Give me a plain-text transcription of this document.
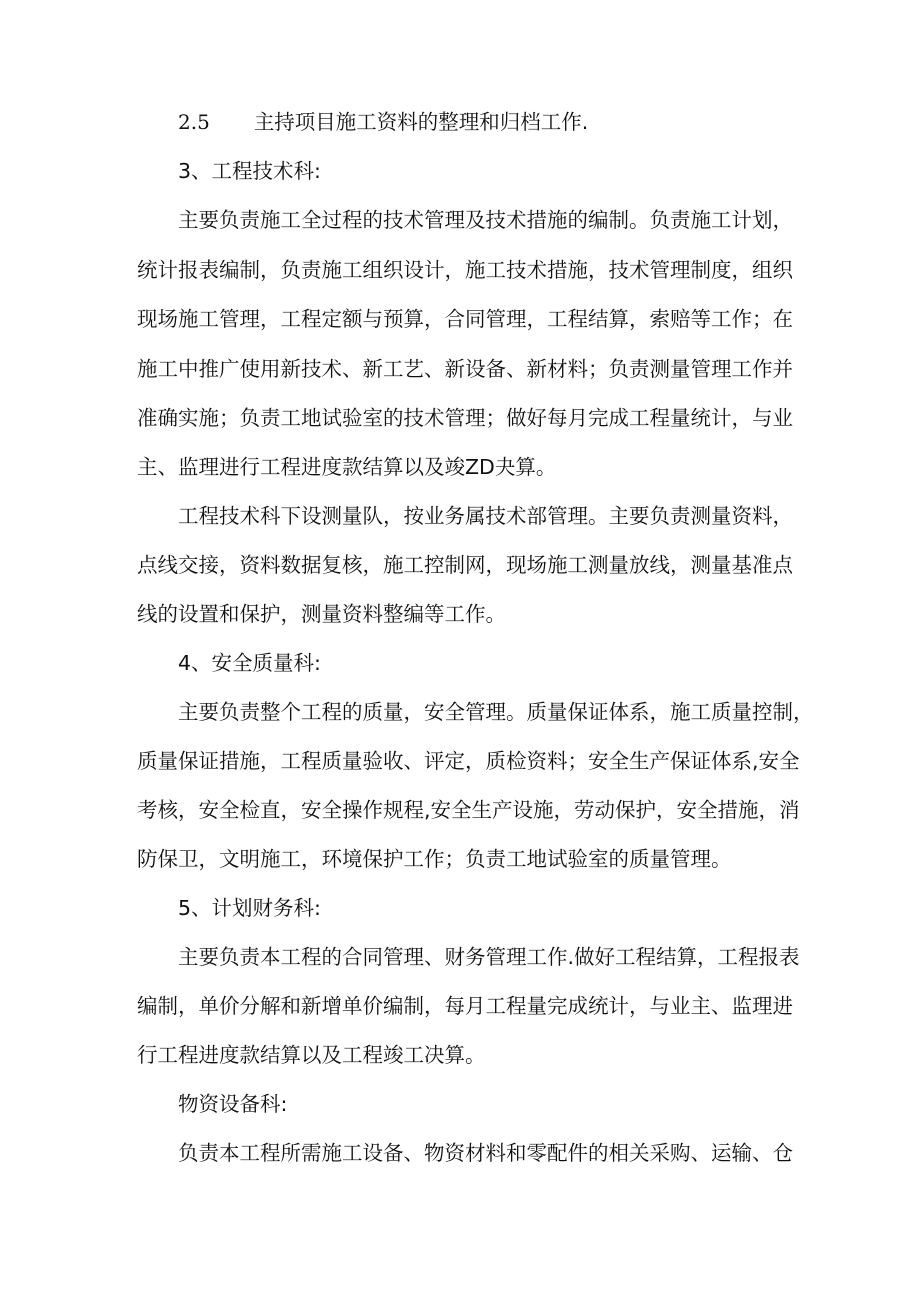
2.5 主持项目施工资料的整理和归档工作.
3、工程技术科:
主要负责施工全过程的技术管理及技术措施的编制。负责施工计划，
统计报表编制，负责施工组织设计，施工技术措施，技术管理制度，组织
现场施工管理，工程定额与预算，合同管理，工程结算，索赔等工作；在
施工中推广使用新技术、新工艺、新设备、新材料；负责测量管理工作并
准确实施；负责工地试验室的技术管理；做好每月完成工程量统计，与业
主、监理进行工程进度款结算以及竣ZD夬算。
工程技术科下设测量队，按业务属技术部管理。主要负责测量资料，
点线交接，资料数据复核，施工控制网，现场施工测量放线，测量基准点
线的设置和保护，测量资料整编等工作。
4、安全质量科:
主要负责整个工程的质量，安全管理。质量保证体系，施工质量控制，
质量保证措施，工程质量验收、评定，质检资料；安全生产保证体系,安全
考核，安全检直，安全操作规程,安全生产设施，劳动保护，安全措施，消
防保卫，文明施工，环境保护工作；负责工地试验室的质量管理。
5、计划财务科:
主要负责本工程的合同管理、财务管理工作.做好工程结算，工程报表
编制，单价分解和新增单价编制，每月工程量完成统计，与业主、监理进
行工程进度款结算以及工程竣工决算。
物资设备科:
负责本工程所需施工设备、物资材料和零配件的相关采购、运输、仓
